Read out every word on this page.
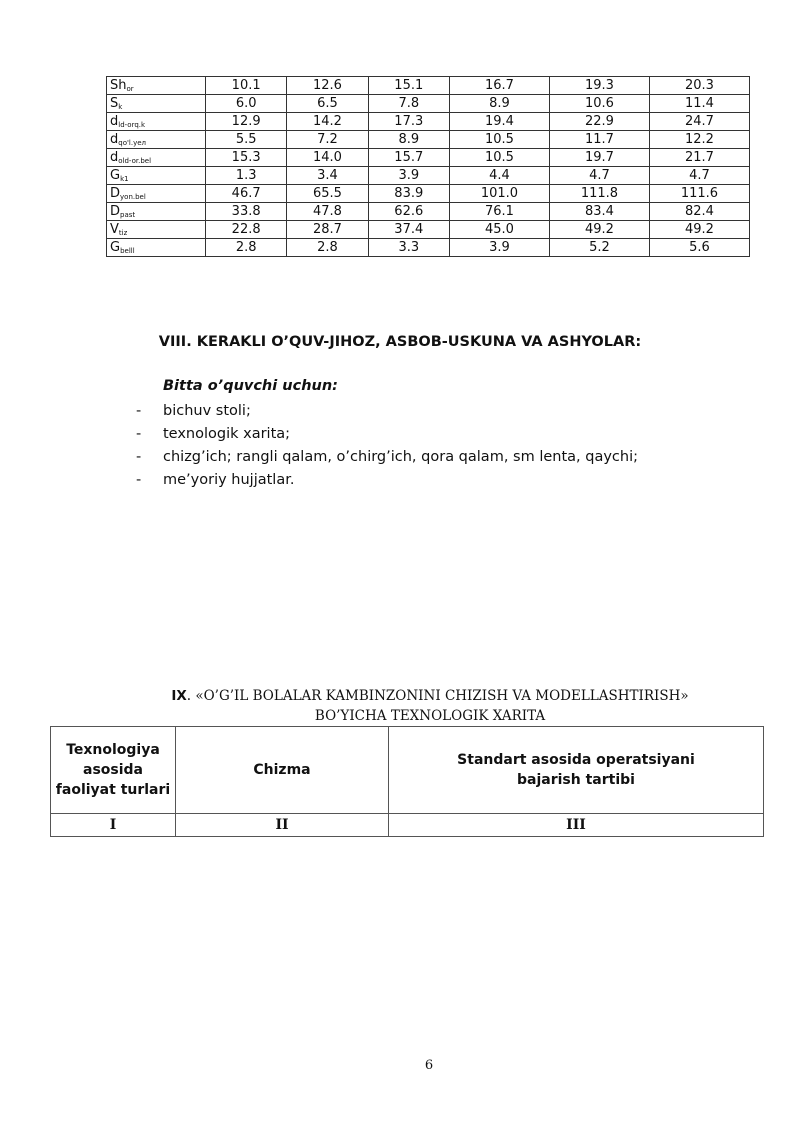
$Sh_{or}$	10.1	12.6	15.1	16.7	19.3	20.3
$S_k$	6.0	6.5	7.8	8.9	10.6	11.4
$d_{ld-orq.k}$	12.9	14.2	17.3	19.4	22.9	24.7
$d_{qo'l.yeл}$	5.5	7.2	8.9	10.5	11.7	12.2
$d_{old-or.bel}$	15.3	14.0	15.7	10.5	19.7	21.7
$G_{k1}$	1.3	3.4	3.9	4.4	4.7	4.7
$D_{yon.bel}$	46.7	65.5	83.9	101.0	111.8	111.6
$D_{past}$	33.8	47.8	62.6	76.1	83.4	82.4
$V_{tiz}$	22.8	28.7	37.4	45.0	49.2	49.2
$G_{belll}$	2.8	2.8	3.3	3.9	5.2	5.6
VIII. KERAKLI O’QUV-JIHOZ, ASBOB-USKUNA VA ASHYOLAR:
Bitta o’quvchi uchun:
- bichuv stoli;
- texnologik xarita;
- chizg’ich; rangli qalam, o’chirg’ich, qora qalam, sm lenta, qaychi;
- me’yoriy hujjatlar.
IX. «O’G’IL BOLALAR KAMBINZONINI CHIZISH VA MODELLASHTIRISH»
BO’YICHA TEXNOLOGIK XARITA
Texnologiya asosida faoliyat turlari	Chizma	Standart asosida operatsiyani bajarish tartibi

I	II	III
6
